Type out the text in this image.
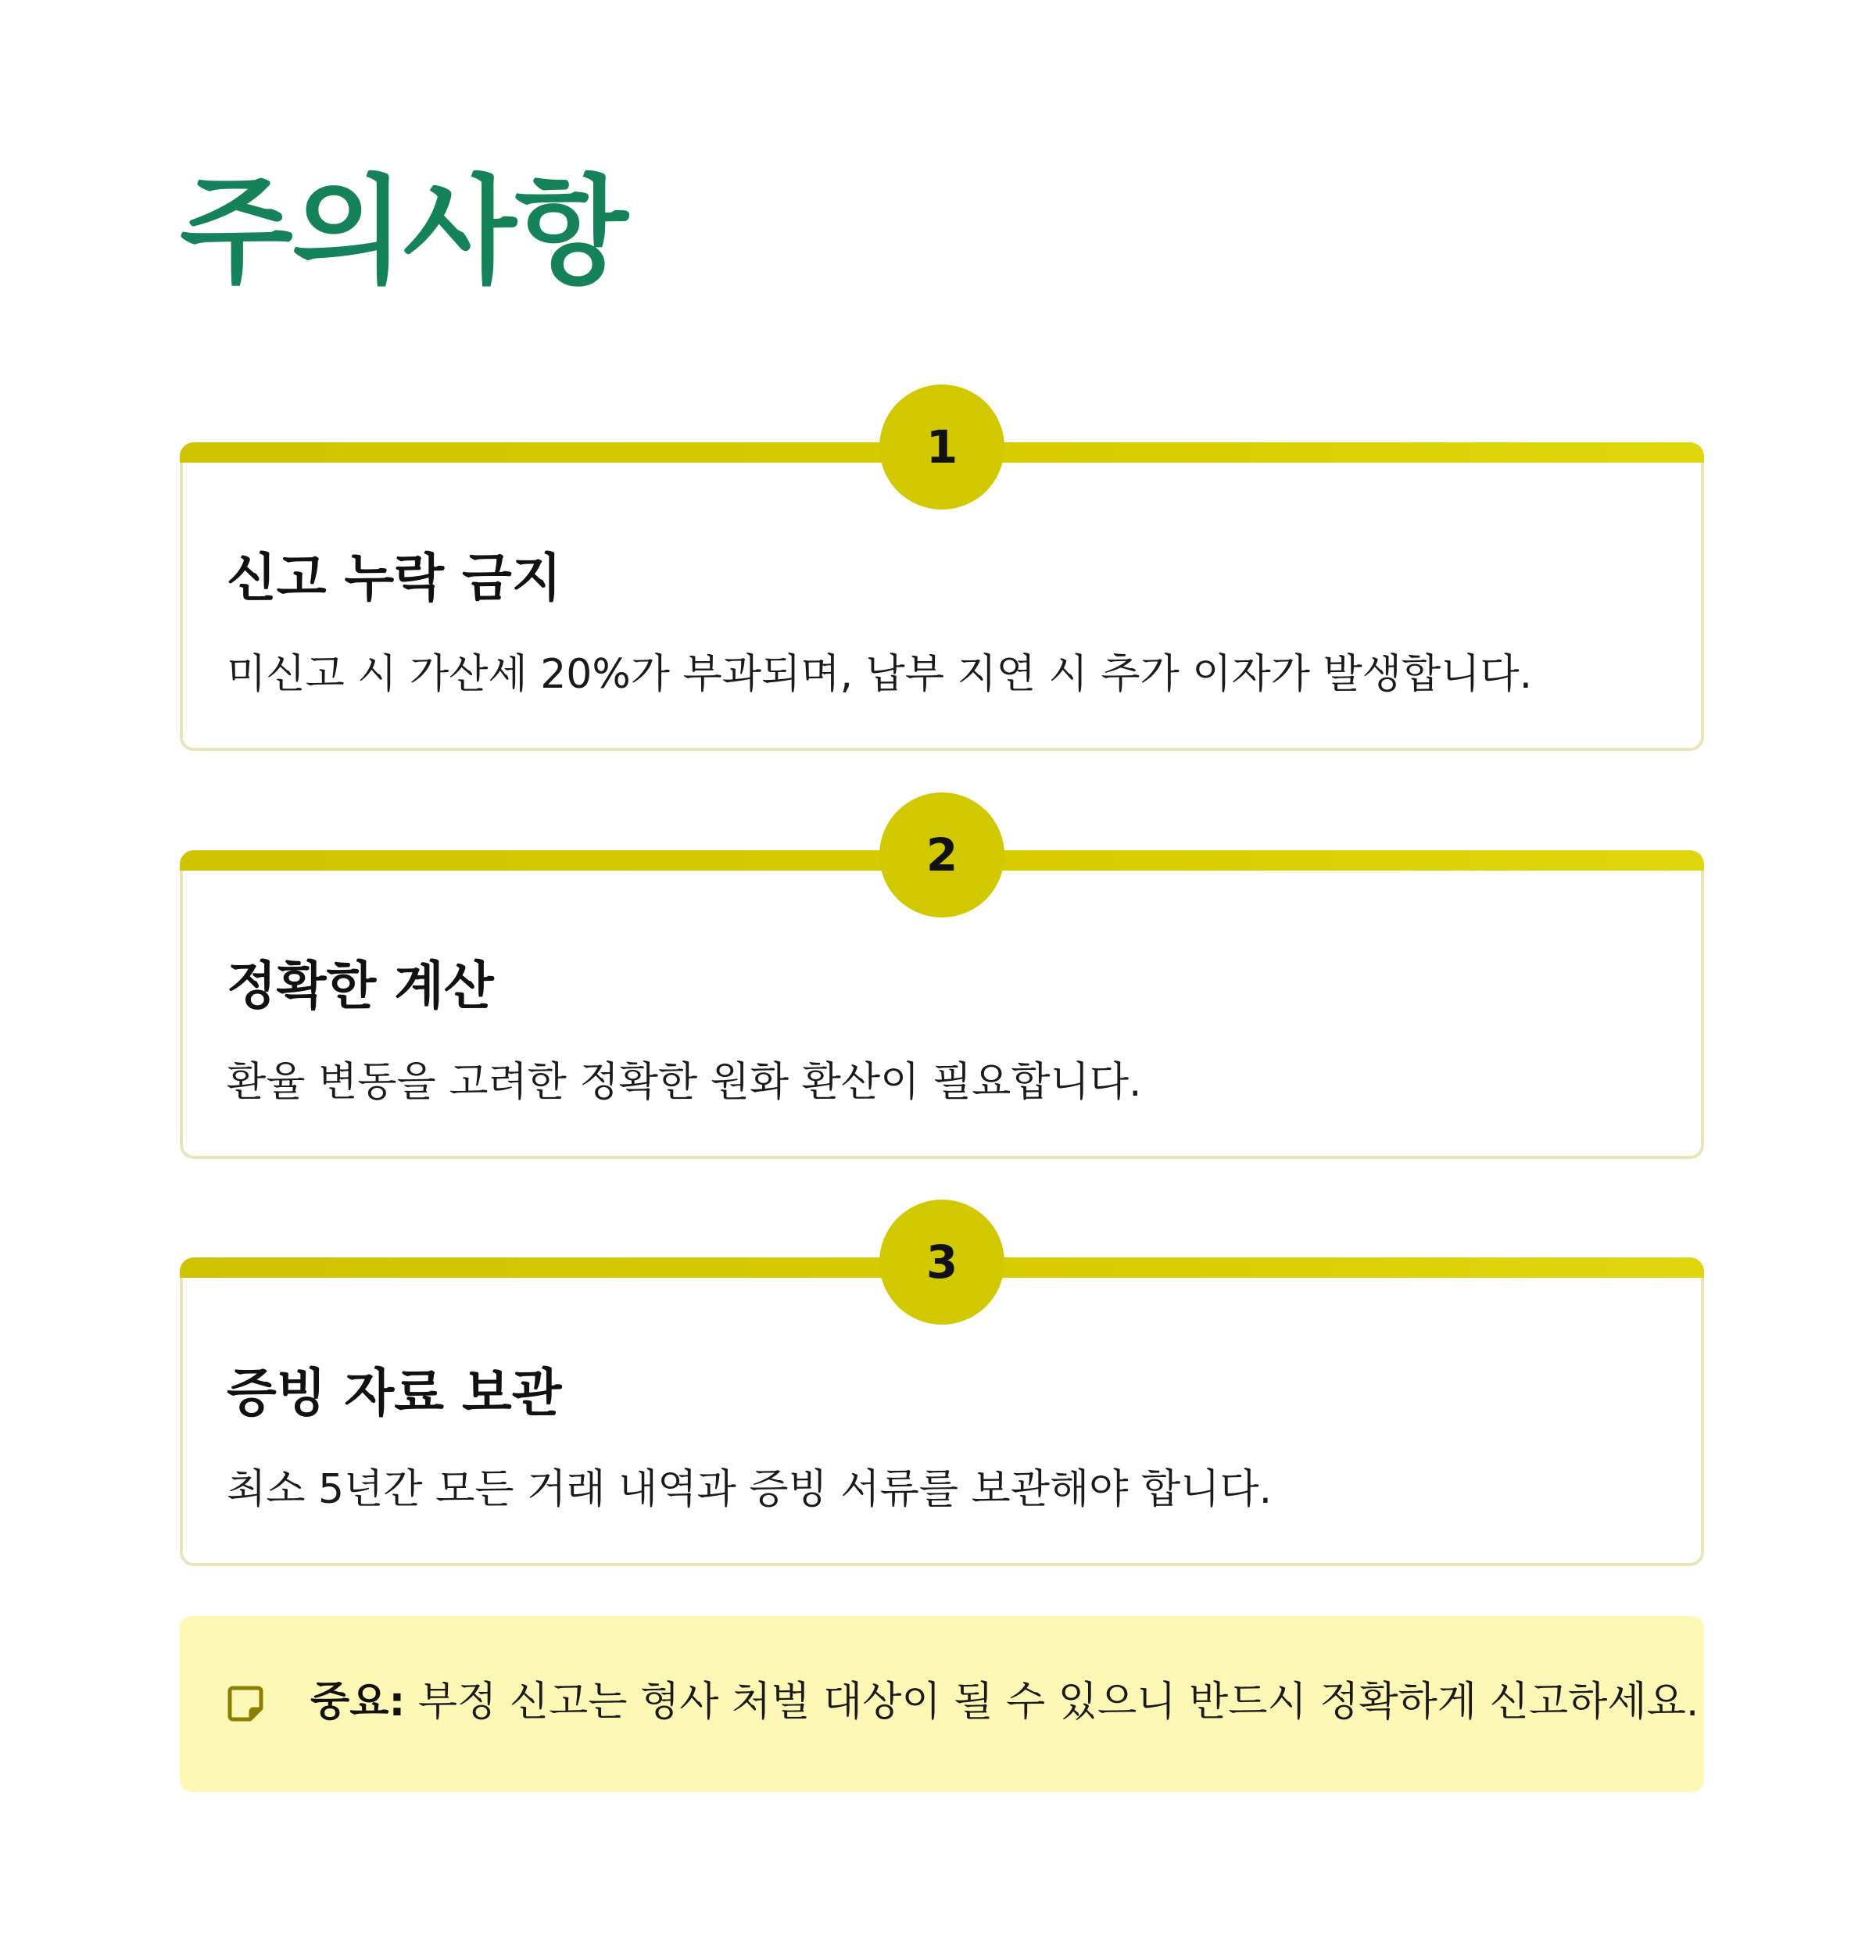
주의사항
1
신고 누락 금지

미신고 시 가산세 20%가 부과되며, 납부 지연 시 추가 이자가 발생합니다.

2
정확한 계산

환율 변동을 고려한 정확한 원화 환산이 필요합니다.

3
증빙 자료 보관

최소 5년간 모든 거래 내역과 증빙 서류를 보관해야 합니다.

중요: 부정 신고는 형사 처벌 대상이 될 수 있으니 반드시 정확하게 신고하세요.
